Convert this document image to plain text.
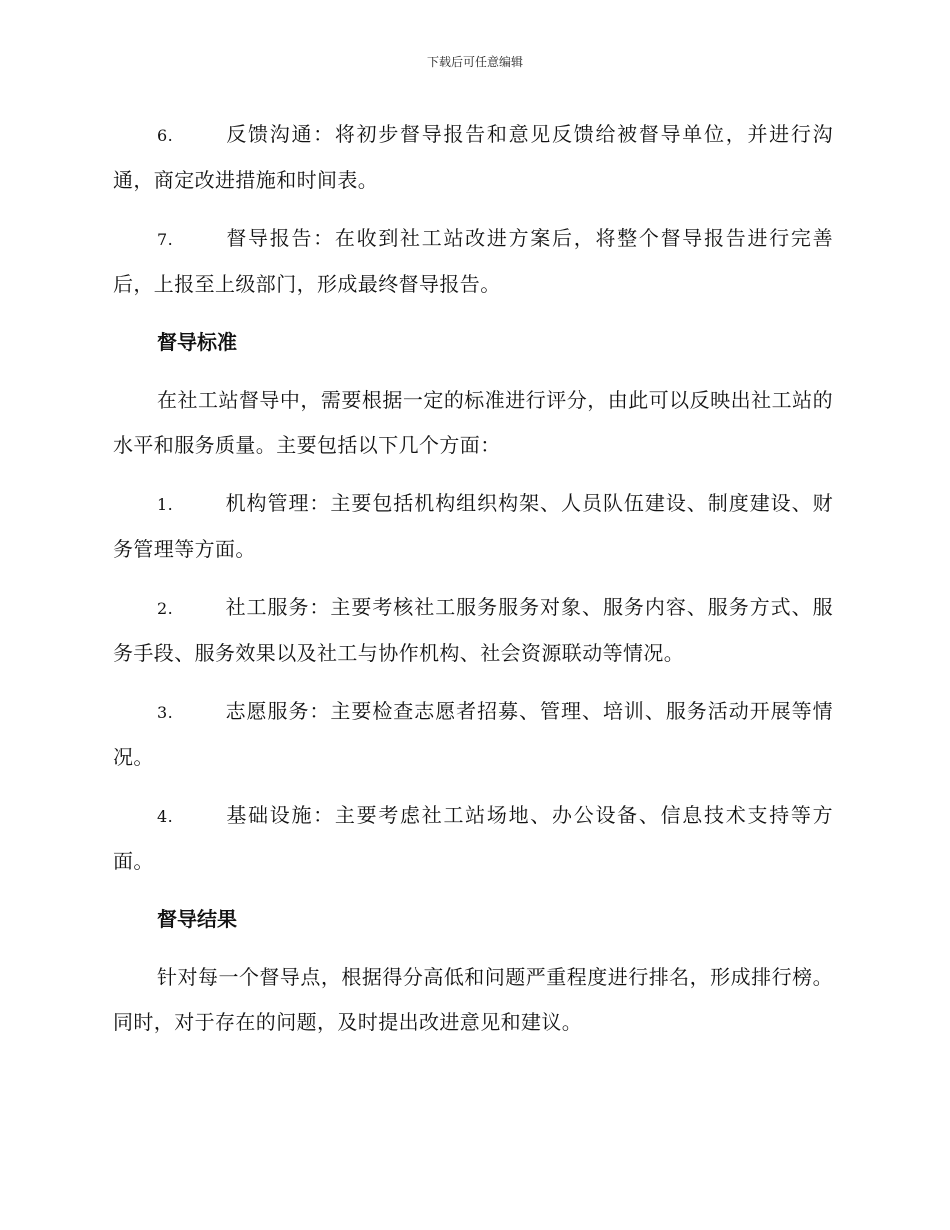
下载后可任意编辑

6.	反馈沟通：将初步督导报告和意见反馈给被督导单位，并进行沟通，商定改进措施和时间表。

7.	督导报告：在收到社工站改进方案后，将整个督导报告进行完善后，上报至上级部门，形成最终督导报告。

督导标准

在社工站督导中，需要根据一定的标准进行评分，由此可以反映出社工站的水平和服务质量。主要包括以下几个方面：

1.	机构管理：主要包括机构组织构架、人员队伍建设、制度建设、财务管理等方面。

2.	社工服务：主要考核社工服务服务对象、服务内容、服务方式、服务手段、服务效果以及社工与协作机构、社会资源联动等情况。

3.	志愿服务：主要检查志愿者招募、管理、培训、服务活动开展等情况。

4.	基础设施：主要考虑社工站场地、办公设备、信息技术支持等方面。

督导结果

针对每一个督导点，根据得分高低和问题严重程度进行排名，形成排行榜。同时，对于存在的问题，及时提出改进意见和建议。
